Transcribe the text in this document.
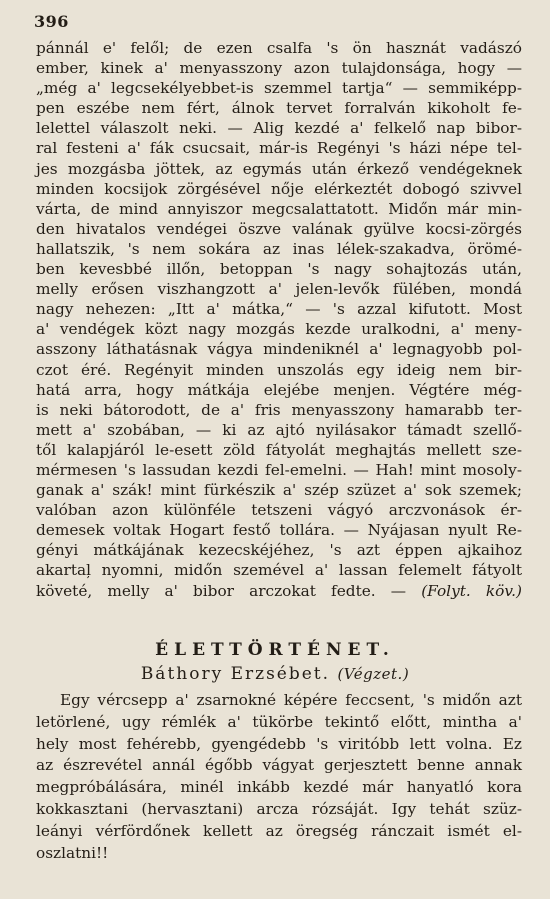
396
pánnál e' felől; de ezen csalfa 's ön hasznát vadászó
ember, kinek a' menyasszony azon tulajdonsága, hogy —
„még a' legcsekélyebbet-is szemmel tartja“ — semmiképp-
pen eszébe nem fért, álnok tervet forralván kikoholt fe-
lelettel válaszolt neki. — Alig kezdé a' felkelő nap bibor-
ral festeni a' fák csucsait, már-is Regényi 's házi népe tel-
jes mozgásba jöttek, az egymás után érkező vendégeknek
minden kocsijok zörgésével nője elérkeztét dobogó szivvel
várta, de mind annyiszor megcsalattatott. Midőn már min-
den hivatalos vendégei öszve valának gyülve kocsi-zörgés
hallatszik, 's nem sokára az inas lélek-szakadva, örömé-
ben kevesbbé illőn, betoppan 's nagy sohajtozás után,
melly erősen viszhangzott a' jelen-levők fülében, mondá
nagy nehezen: „Itt a' mátka,“ — 's azzal kifutott. Most
a' vendégek közt nagy mozgás kezde uralkodni, a' meny-
asszony láthatásnak vágya mindeniknél a' legnagyobb pol-
czot éré. Regényit minden unszolás egy ideig nem bir-
hatá arra, hogy mátkája elejébe menjen. Végtére még-
is neki bátorodott, de a' fris menyasszony hamarabb ter-
mett a' szobában, — ki az ajtó nyilásakor támadt szellő-
től kalapjáról le-esett zöld fátyolát meghajtás mellett sze-
mérmesen 's lassudan kezdi fel-emelni. — Hah! mint mosoly-
ganak a' szák! mint fürkészik a' szép szüzet a' sok szemek;
valóban azon különféle tetszeni vágyó arczvonások ér-
demesek voltak Hogart festő tollára. — Nyájasan nyult Re-
gényi mátkájának kezecskéjéhez, 's azt éppen ajkaihoz
akartaļ nyomni, midőn szemével a' lassan felemelt fátyolt
követé, melly a' bibor arczokat fedte. — (Folyt. köv.)
ÉLETTÖRTÉNET.
Báthory Erzsébet. (Végzet.)
Egy vércsepp a' zsarnokné képére feccsent, 's midőn azt
letörlené, ugy rémlék a' tükörbe tekintő előtt, mintha a'
hely most fehérebb, gyengédebb 's viritóbb lett volna. Ez
az észrevétel annál égőbb vágyat gerjesztett benne annak
megpróbálására, minél inkább kezdé már hanyatló kora
kokkasztani (hervasztani) arcza rózsáját. Igy tehát szüz-
leányi vérfördőnek kellett az öregség ránczait ismét el-
oszlatni!!
